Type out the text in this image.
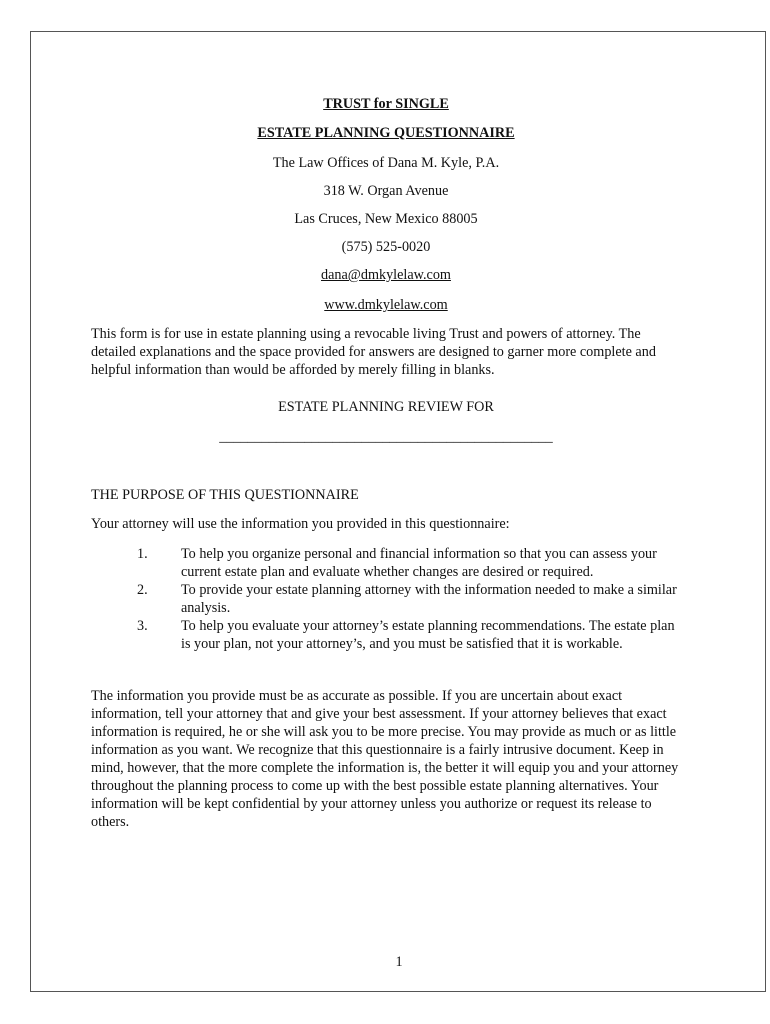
TRUST for SINGLE
ESTATE PLANNING QUESTIONNAIRE
The Law Offices of Dana M. Kyle, P.A.
318 W. Organ Avenue
Las Cruces, New Mexico 88005
(575) 525-0020
dana@dmkylelaw.com
www.dmkylelaw.com
This form is for use in estate planning using a revocable living Trust and powers of attorney. The detailed explanations and the space provided for answers are designed to garner more complete and helpful information than would be afforded by merely filling in blanks.
ESTATE PLANNING REVIEW FOR
_______________________________________________
THE PURPOSE OF THIS QUESTIONNAIRE
Your attorney will use the information you provided in this questionnaire:
1.	To help you organize personal and financial information so that you can assess your current estate plan and evaluate whether changes are desired or required.
2.	To provide your estate planning attorney with the information needed to make a similar analysis.
3.	To help you evaluate your attorney’s estate planning recommendations. The estate plan is your plan, not your attorney’s, and you must be satisfied that it is workable.
The information you provide must be as accurate as possible. If you are uncertain about exact information, tell your attorney that and give your best assessment. If your attorney believes that exact information is required, he or she will ask you to be more precise. You may provide as much or as little information as you want. We recognize that this questionnaire is a fairly intrusive document. Keep in mind, however, that the more complete the information is, the better it will equip you and your attorney throughout the planning process to come up with the best possible estate planning alternatives. Your information will be kept confidential by your attorney unless you authorize or request its release to others.
1
